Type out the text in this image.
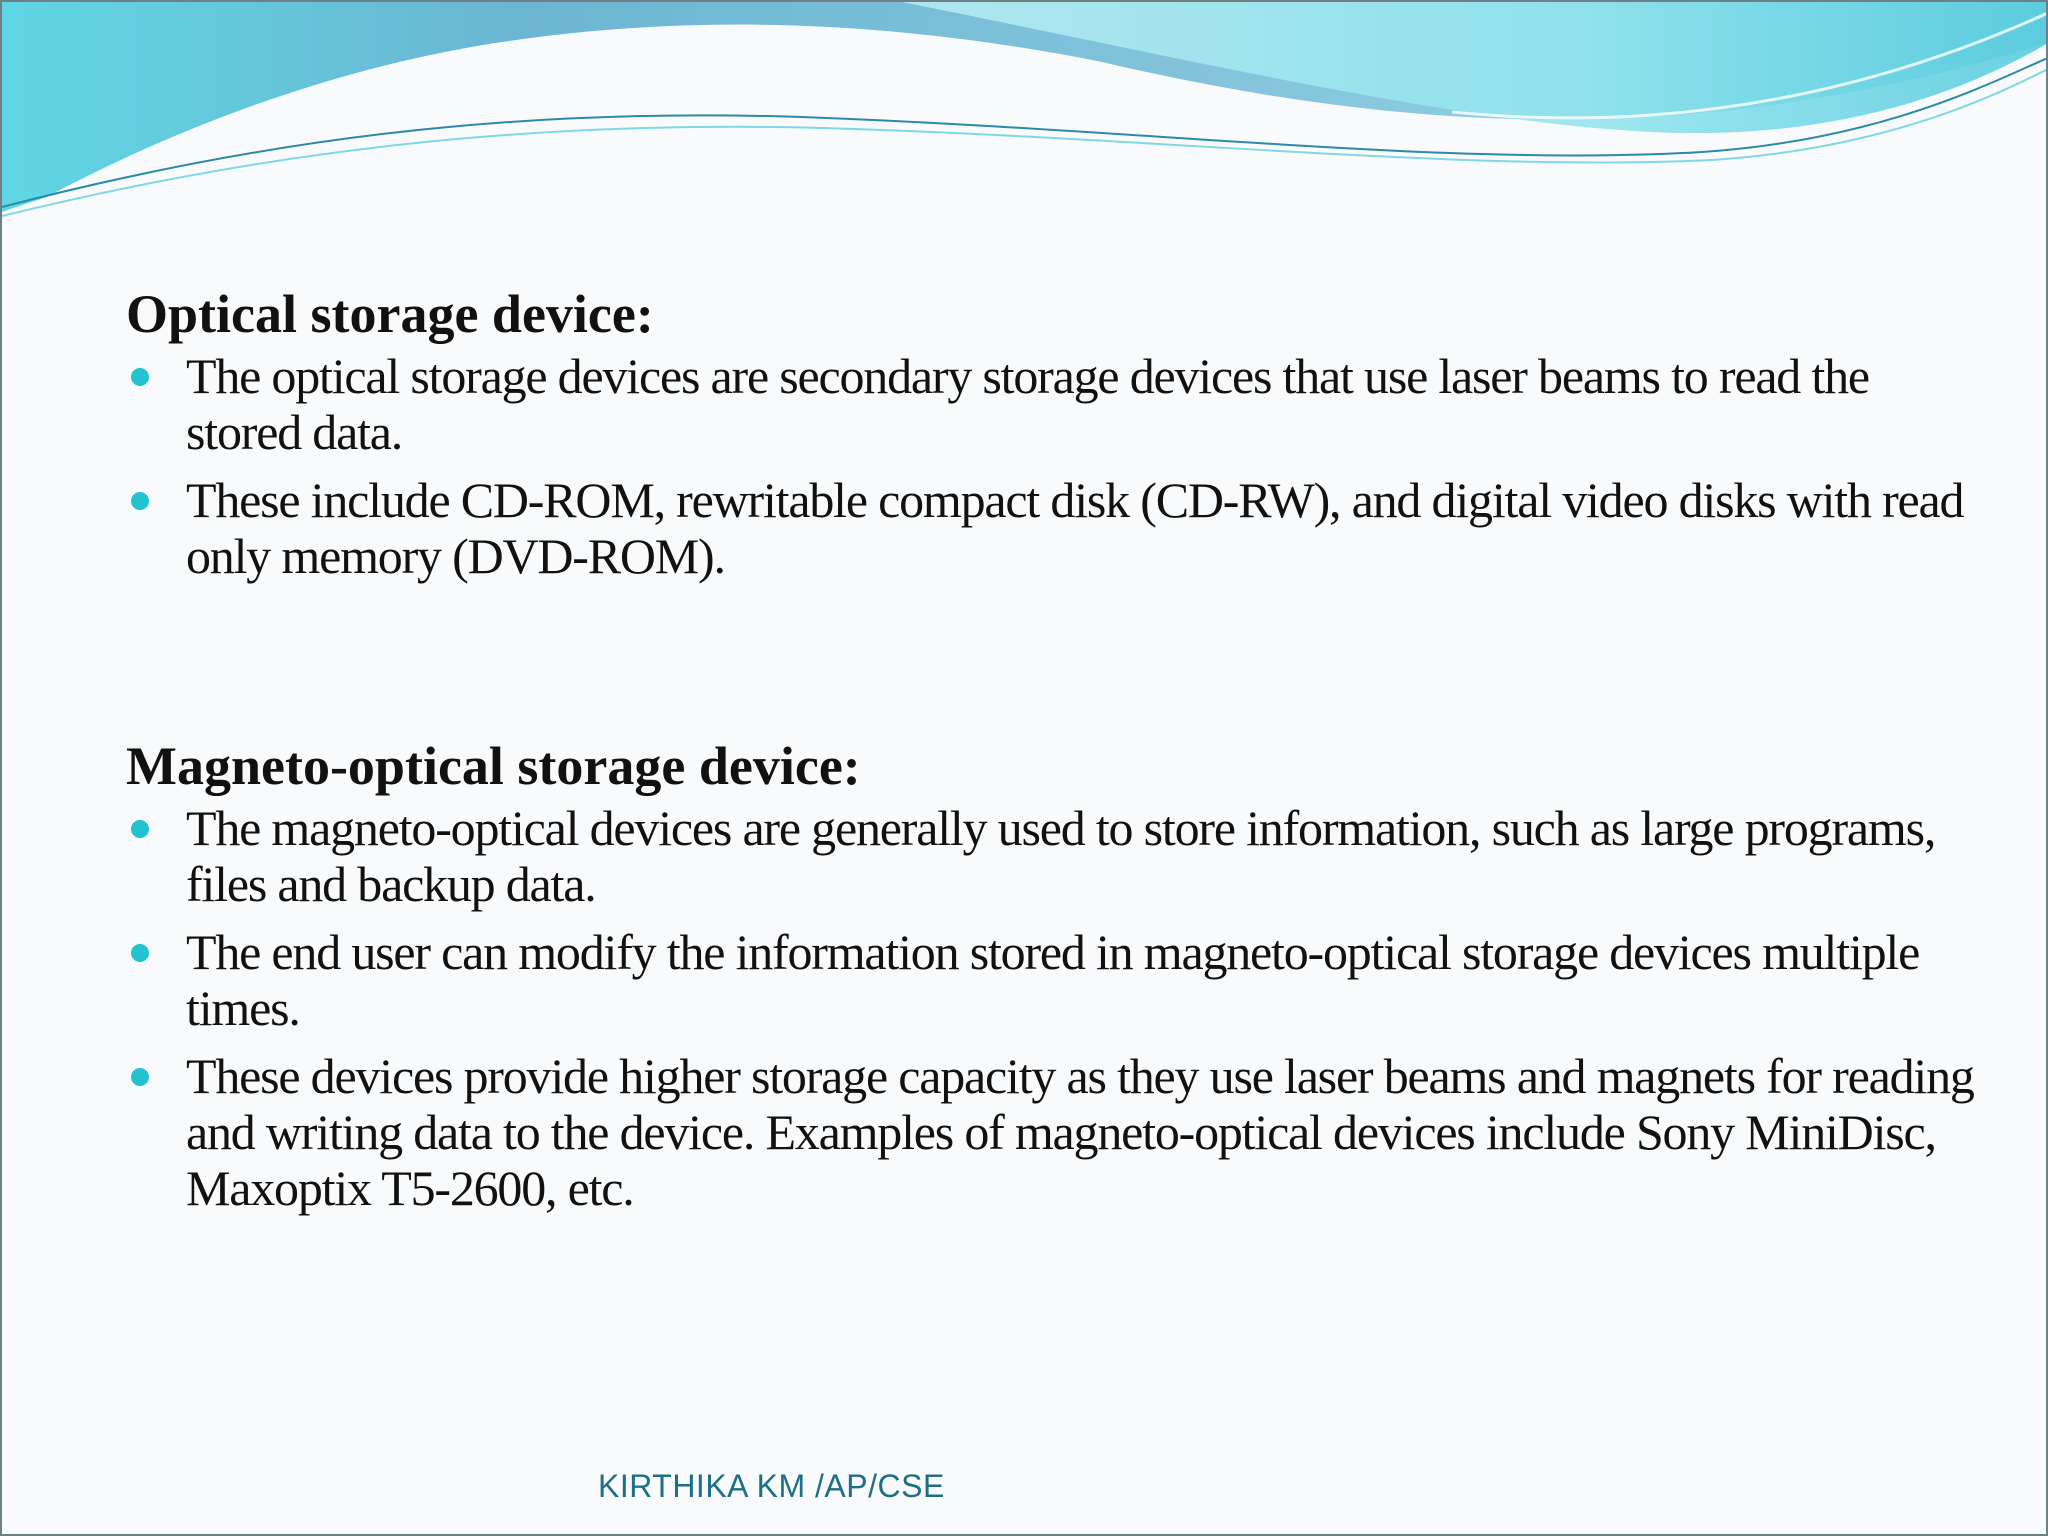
Optical storage device:
The optical storage devices are secondary storage devices that use laser beams to read the stored data.
These include CD-ROM, rewritable compact disk (CD-RW), and digital video disks with read only memory (DVD-ROM).
Magneto-optical storage device:
The magneto-optical devices are generally used to store information, such as large programs, files and backup data.
The end user can modify the information stored in magneto-optical storage devices multiple times.
These devices provide higher storage capacity as they use laser beams and magnets for reading and writing data to the device. Examples of magneto-optical devices include Sony MiniDisc, Maxoptix T5-2600, etc.
KIRTHIKA KM /AP/CSE
